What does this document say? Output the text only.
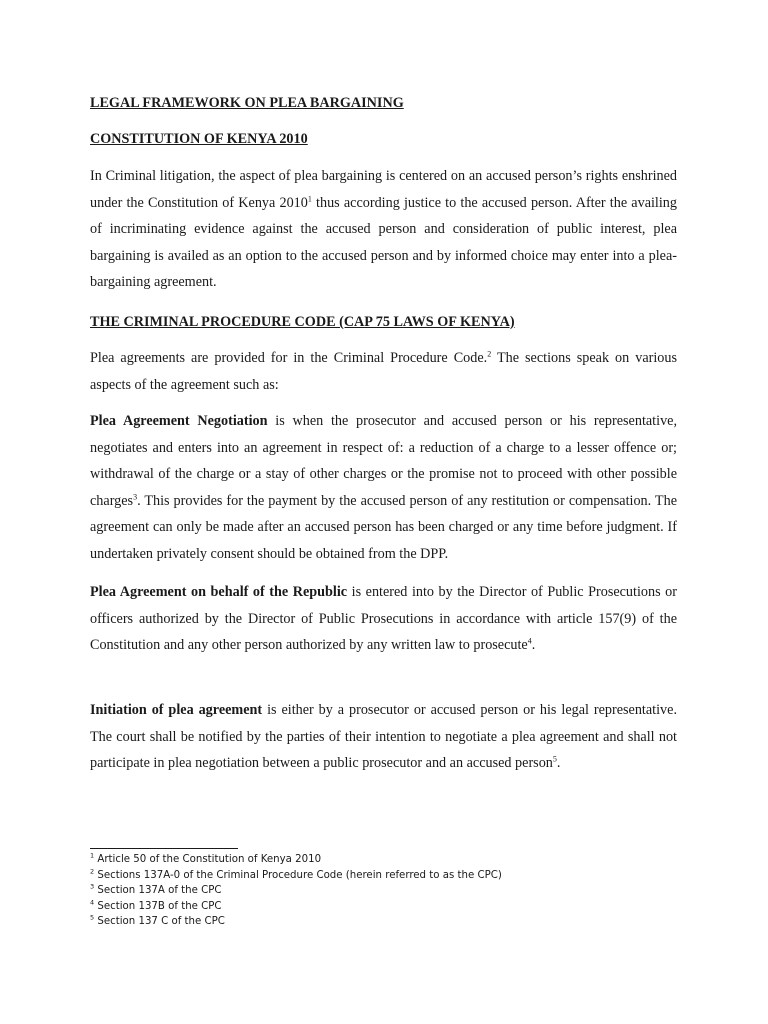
LEGAL FRAMEWORK ON PLEA BARGAINING

CONSTITUTION OF KENYA 2010

In Criminal litigation, the aspect of plea bargaining is centered on an accused person’s rights enshrined under the Constitution of Kenya 2010$^1$ thus according justice to the accused person. After the availing of incriminating evidence against the accused person and consideration of public interest, plea bargaining is availed as an option to the accused person and by informed choice may enter into a plea-bargaining agreement.

THE CRIMINAL PROCEDURE CODE (CAP 75 LAWS OF KENYA)

Plea agreements are provided for in the Criminal Procedure Code.$^2$ The sections speak on various aspects of the agreement such as:

Plea Agreement Negotiation is when the prosecutor and accused person or his representative, negotiates and enters into an agreement in respect of: a reduction of a charge to a lesser offence or; withdrawal of the charge or a stay of other charges or the promise not to proceed with other possible charges$^3$. This provides for the payment by the accused person of any restitution or compensation. The agreement can only be made after an accused person has been charged or any time before judgment. If undertaken privately consent should be obtained from the DPP.

Plea Agreement on behalf of the Republic is entered into by the Director of Public Prosecutions or officers authorized by the Director of Public Prosecutions in accordance with article 157(9) of the Constitution and any other person authorized by any written law to prosecute$^4$.

Initiation of plea agreement is either by a prosecutor or accused person or his legal representative. The court shall be notified by the parties of their intention to negotiate a plea agreement and shall not participate in plea negotiation between a public prosecutor and an accused person$^5$.

$^1$ Article 50 of the Constitution of Kenya 2010
$^2$ Sections 137A-0 of the Criminal Procedure Code (herein referred to as the CPC)
$^3$ Section 137A of the CPC
$^4$ Section 137B of the CPC
$^5$ Section 137 C of the CPC
